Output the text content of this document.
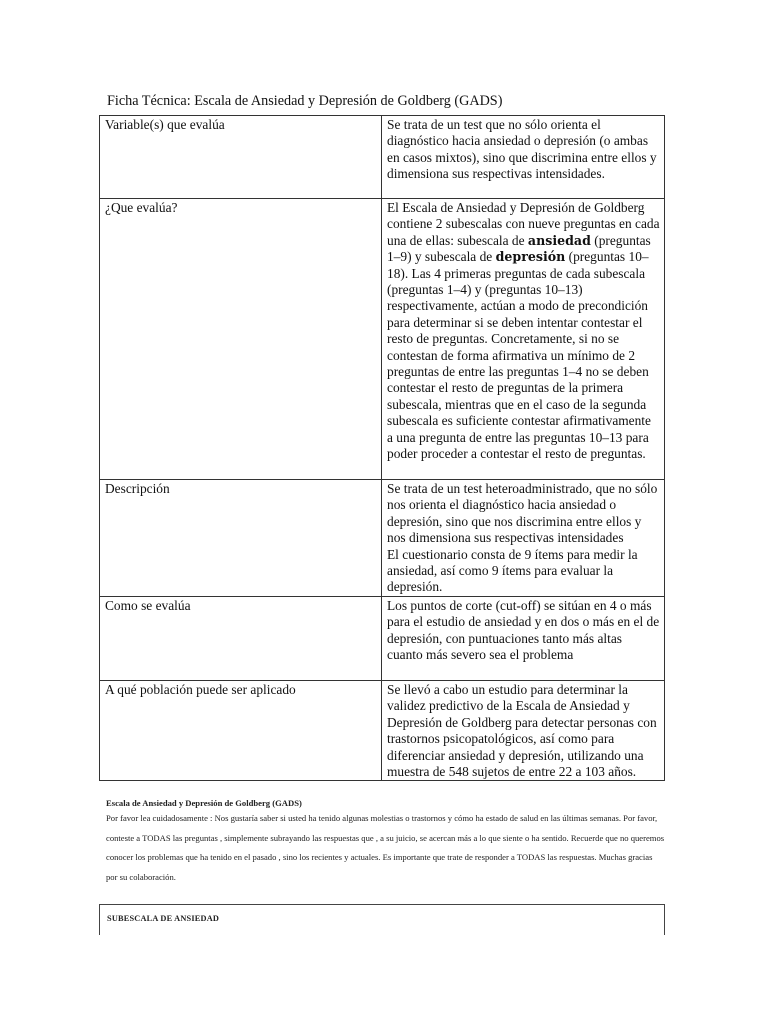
Ficha Técnica: Escala de Ansiedad y Depresión de Goldberg (GADS)
Variable(s) que evalúa	Se trata de un test que no sólo orienta el diagnóstico hacia ansiedad o depresión (o ambas en casos mixtos), sino que discrimina entre ellos y dimensiona sus respectivas intensidades.
¿Que evalúa?	El Escala de Ansiedad y Depresión de Goldberg contiene 2 subescalas con nueve preguntas en cada una de ellas: subescala de ansiedad (preguntas 1–9) y subescala de depresión (preguntas 10–18). Las 4 primeras preguntas de cada subescala (preguntas 1–4) y (preguntas 10–13) respectivamente, actúan a modo de precondición para determinar si se deben intentar contestar el resto de preguntas. Concretamente, si no se contestan de forma afirmativa un mínimo de 2 preguntas de entre las preguntas 1–4 no se deben contestar el resto de preguntas de la primera subescala, mientras que en el caso de la segunda subescala es suficiente contestar afirmativamente a una pregunta de entre las preguntas 10–13 para poder proceder a contestar el resto de preguntas.
Descripción	Se trata de un test heteroadministrado, que no sólo nos orienta el diagnóstico hacia ansiedad o depresión, sino que nos discrimina entre ellos y nos dimensiona sus respectivas intensidades

El cuestionario consta de 9 ítems para medir la ansiedad, así como 9 ítems para evaluar la depresión.

Como se evalúa	Los puntos de corte (cut-off) se sitúan en 4 o más para el estudio de ansiedad y en dos o más en el de depresión, con puntuaciones tanto más altas cuanto más severo sea el problema
A qué población puede ser aplicado	Se llevó a cabo un estudio para determinar la validez predictivo de la Escala de Ansiedad y Depresión de Goldberg para detectar personas con trastornos psicopatológicos, así como para diferenciar ansiedad y depresión, utilizando una muestra de 548 sujetos de entre 22 a 103 años.
Escala de Ansiedad y Depresión de Goldberg (GADS)
Por favor lea cuidadosamente : Nos gustaría saber si usted ha tenido algunas molestias o trastornos y cómo ha estado de salud en las últimas semanas. Por favor, conteste a TODAS las preguntas , simplemente subrayando las respuestas que , a su juicio, se acercan más a lo que siente o ha sentido. Recuerde que no queremos conocer los problemas que ha tenido en el pasado , sino los recientes y actuales. Es importante que trate de responder a TODAS las respuestas. Muchas gracias por su colaboración.
SUBESCALA DE ANSIEDAD
